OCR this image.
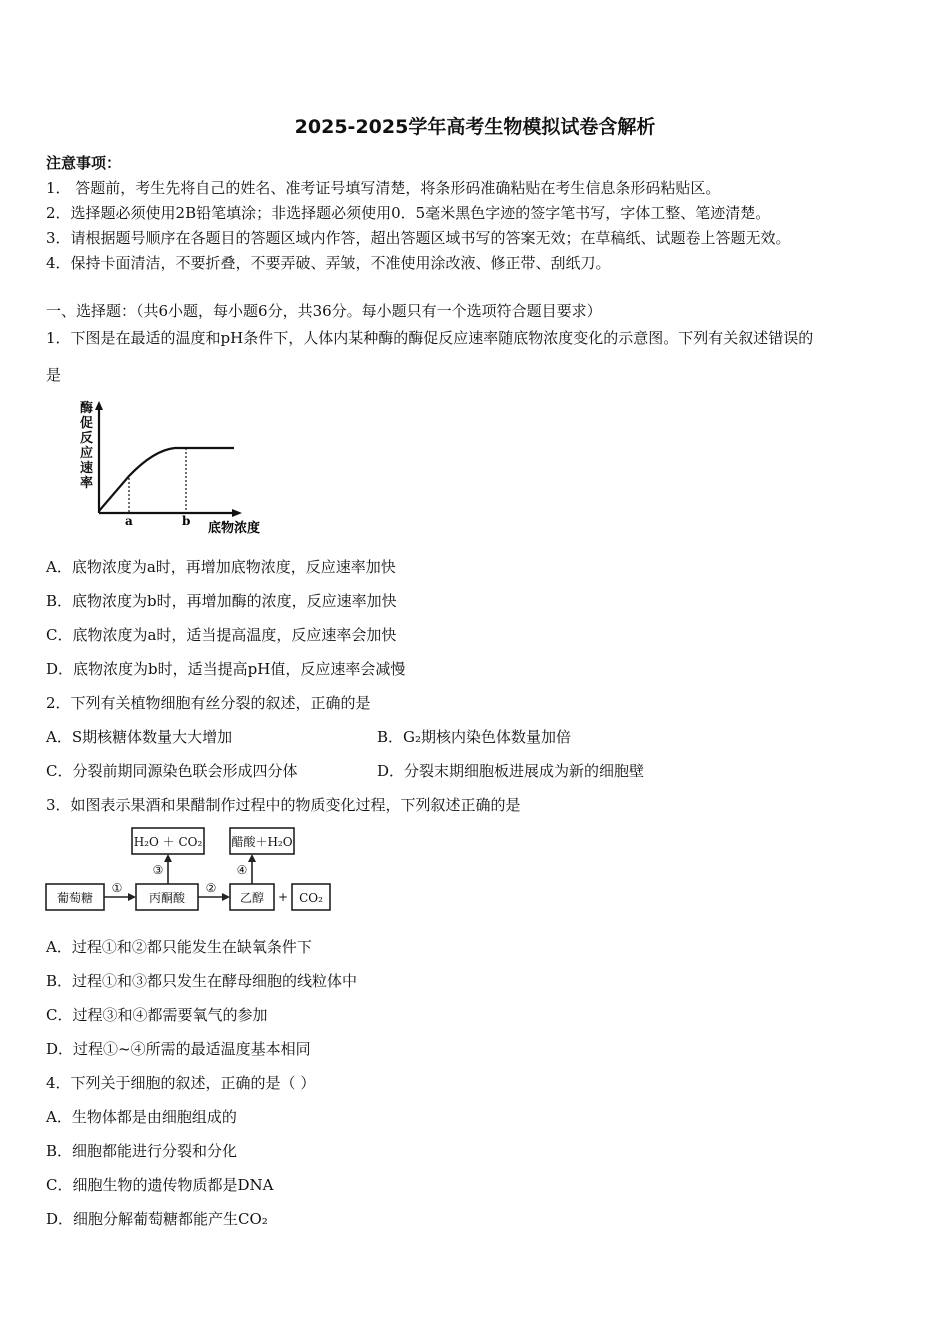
2025-2025学年高考生物模拟试卷含解析
注意事项：
1． 答题前，考生先将自己的姓名、准考证号填写清楚，将条形码准确粘贴在考生信息条形码粘贴区。
2．选择题必须使用2B铅笔填涂；非选择题必须使用0．5毫米黑色字迹的签字笔书写，字体工整、笔迹清楚。
3．请根据题号顺序在各题目的答题区域内作答，超出答题区域书写的答案无效；在草稿纸、试题卷上答题无效。
4．保持卡面清洁，不要折叠，不要弄破、弄皱，不准使用涂改液、修正带、刮纸刀。
一、选择题：（共6小题，每小题6分，共36分。每小题只有一个选项符合题目要求）
1．下图是在最适的温度和pH条件下，人体内某种酶的酶促反应速率随底物浓度变化的示意图。下列有关叙述错误的
是
酶
促
反
应
速
率
a	b 底物浓度
A．底物浓度为a时，再增加底物浓度，反应速率加快
B．底物浓度为b时，再增加酶的浓度，反应速率加快
C．底物浓度为a时，适当提高温度，反应速率会加快
D．底物浓度为b时，适当提高pH值，反应速率会减慢
2．下列有关植物细胞有丝分裂的叙述，正确的是
A．S期核糖体数量大大增加	B．G₂期核内染色体数量加倍
C．分裂前期同源染色联会形成四分体	D．分裂末期细胞板进展成为新的细胞壁
3．如图表示果酒和果醋制作过程中的物质变化过程，下列叙述正确的是
H₂O ＋ CO₂ 醋酸＋H₂O
葡萄糖	丙酮酸	乙醇	CO₂
+
①	②
③	④
A．过程①和②都只能发生在缺氧条件下
B．过程①和③都只发生在酵母细胞的线粒体中
C．过程③和④都需要氧气的参加
D．过程①~④所需的最适温度基本相同
4．下列关于细胞的叙述，正确的是（ ）
A．生物体都是由细胞组成的
B．细胞都能进行分裂和分化
C．细胞生物的遗传物质都是DNA
D．细胞分解葡萄糖都能产生CO₂
